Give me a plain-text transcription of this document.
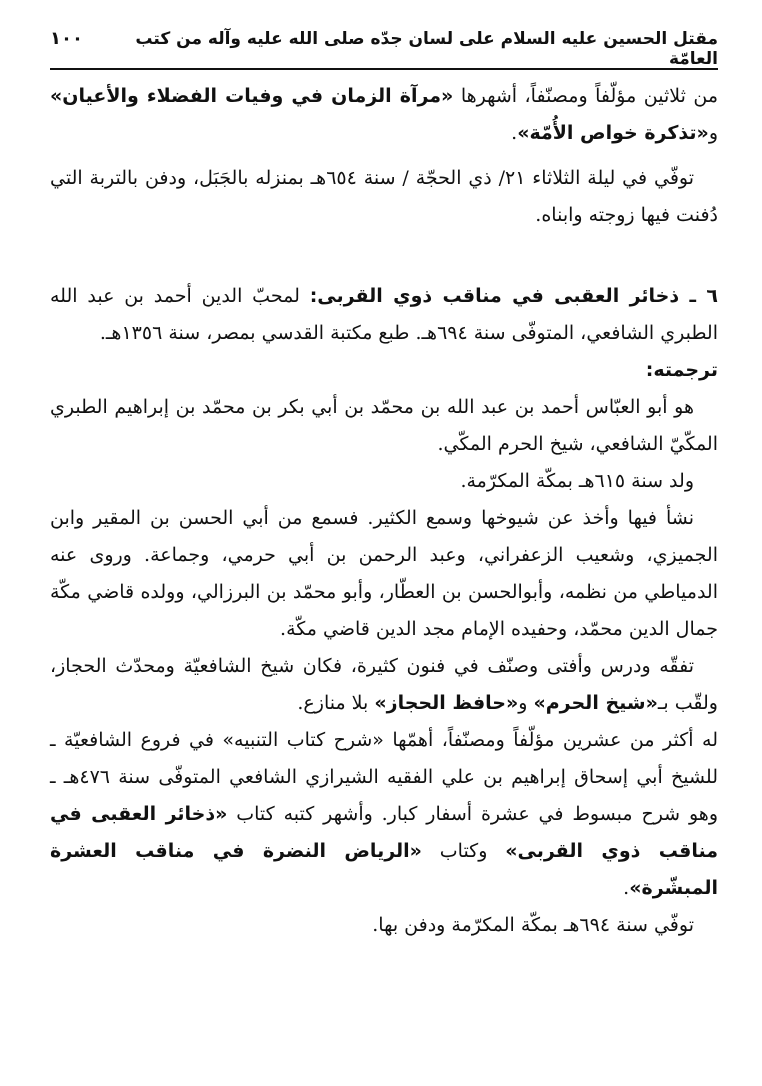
مقتل الحسين عليه السلام على لسان جدّه صلى الله عليه وآله من كتب العامّة
١٠٠

من ثلاثين مؤلّفاً ومصنّفاً، أشهرها «مرآة الزمان في وفيات الفضلاء والأعيان» و«تذكرة خواص الأُمّة».

توفّي في ليلة الثلاثاء ٢١/ ذي الحجّة / سنة ٦٥٤هـ بمنزله بالجَبَل، ودفن بالتربة التي دُفنت فيها زوجته وابناه.

٦ ـ ذخائر العقبى في مناقب ذوي القربى: لمحبّ الدين أحمد بن عبد الله الطبري الشافعي، المتوفّى سنة ٦٩٤هـ. طبع مكتبة القدسي بمصر، سنة ١٣٥٦هـ.

ترجمته:

هو أبو العبّاس أحمد بن عبد الله بن محمّد بن أبي بكر بن محمّد بن إبراهيم الطبري المكّيّ الشافعي، شيخ الحرم المكّي.

ولد سنة ٦١٥هـ بمكّة المكرّمة.

نشأ فيها وأخذ عن شيوخها وسمع الكثير. فسمع من أبي الحسن بن المقير وابن الجميزي، وشعيب الزعفراني، وعبد الرحمن بن أبي حرمي، وجماعة. وروى عنه الدمياطي من نظمه، وأبوالحسن بن العطّار، وأبو محمّد بن البرزالي، وولده قاضي مكّة جمال الدين محمّد، وحفيده الإمام مجد الدين قاضي مكّة.

تفقّه ودرس وأفتى وصنّف في فنون كثيرة، فكان شيخ الشافعيّة ومحدّث الحجاز، ولقّب بـ«شيخ الحرم» و«حافظ الحجاز» بلا منازع.

له أكثر من عشرين مؤلّفاً ومصنّفاً، أهمّها «شرح كتاب التنبيه» في فروع الشافعيّة ـ للشيخ أبي إسحاق إبراهيم بن علي الفقيه الشيرازي الشافعي المتوفّى سنة ٤٧٦هـ ـ وهو شرح مبسوط في عشرة أسفار كبار. وأشهر كتبه كتاب «ذخائر العقبى في مناقب ذوي القربى» وكتاب «الرياض النضرة في مناقب العشرة المبشّرة».

توفّي سنة ٦٩٤هـ بمكّة المكرّمة ودفن بها.
